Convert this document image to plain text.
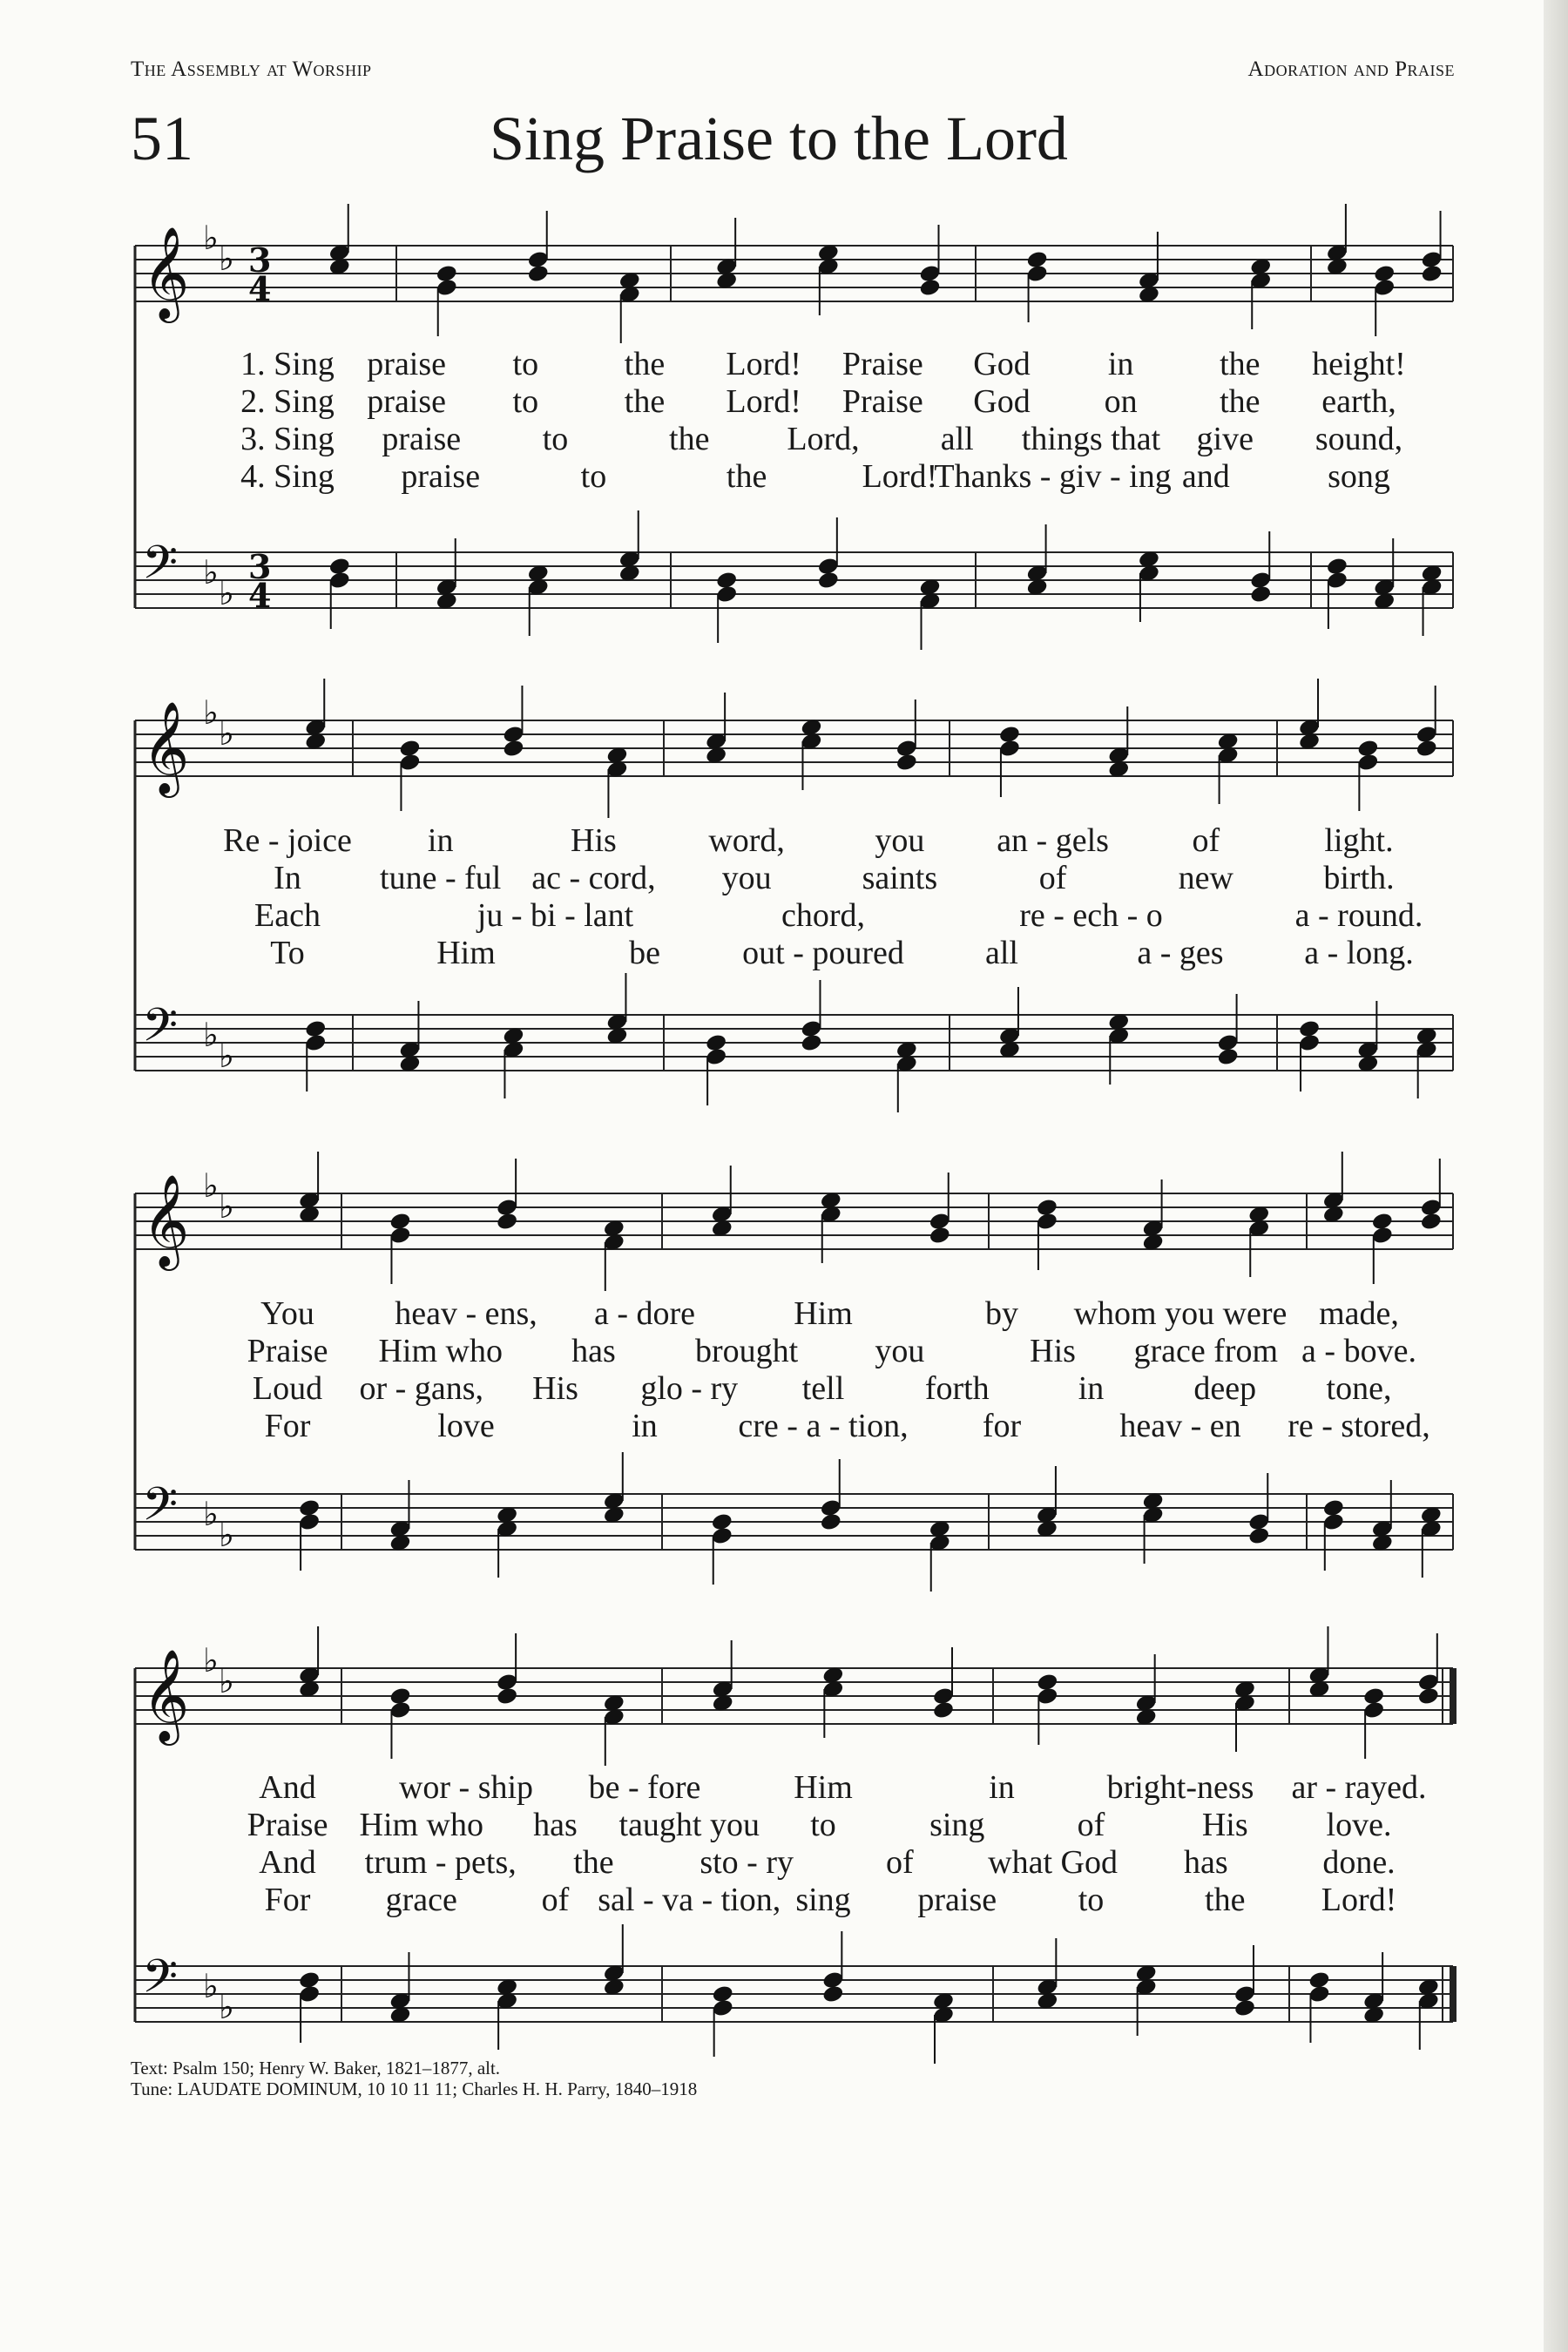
The Assembly at Worship	Adoration and Praise
51	Sing Praise to the Lord
𝄞 ♭
♭ 3
4
𝄢 ♭
♭
3
4
𝄞 ♭
♭
𝄢 ♭
♭
𝄞 ♭
♭
𝄢 ♭
♭
𝄞 ♭
♭
𝄢 ♭
♭
1. Sing praise to	the Lord! Praise God in	the height!
2. Sing praise to	the Lord! Praise God on the earth,
3. Sing praise to	the Lord, all things that give sound,
4. Sing praise	to	the	Lord!
Thanks - giv - ing and	song
Re - joice in	His	word,	you an - gels	of	light.
In tune - ful ac - cord, you	saints	of	new	birth.
Each	ju - bi - lant	chord,	re - ech - o	a - round.
To	Him	be out - poured all	a - ges a - long.
You heav - ens, a - dore	Him	by whom you were made,
Praise Him who has brought you	His grace from a - bove.
Loud or - gans, His glo - ry tell forth	in	deep tone,
For	love	in cre - a - tion, for	heav - en re - stored,
And	wor - ship be - fore	Him	in	bright-ness ar - rayed.
Praise Him who has taught you to	sing	of	His love.
And trum - pets, the	sto - ry	of what God has	done.
For grace	of sal - va - tion, sing praise to	the Lord!
Text: Psalm 150; Henry W. Baker, 1821–1877, alt.
Tune: LAUDATE DOMINUM, 10 10 11 11; Charles H. H. Parry, 1840–1918
